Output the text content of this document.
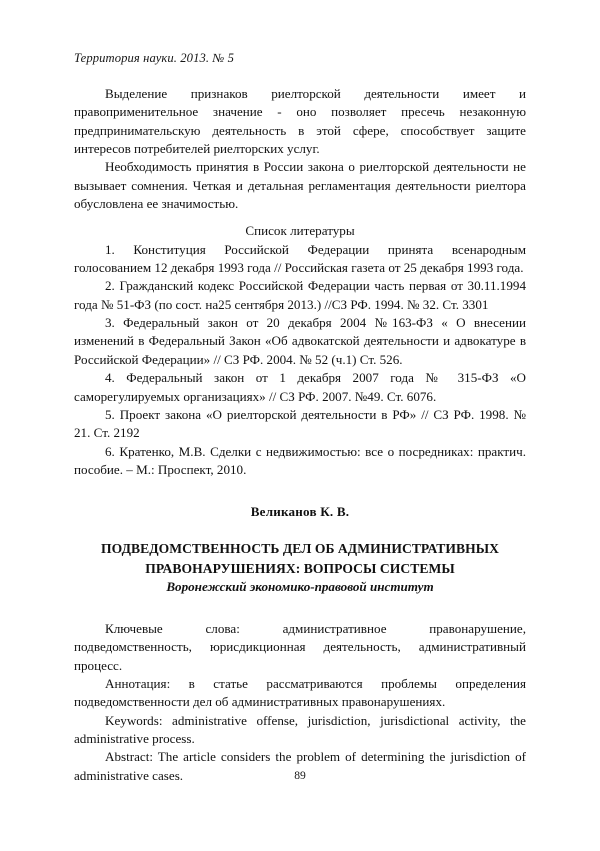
Территория науки. 2013. № 5

Выделение признаков риелторской деятельности имеет и правоприменительное значение - оно позволяет пресечь незаконную предпринимательскую деятельность в этой сфере, способствует защите интересов потребителей риелторских услуг.

Необходимость принятия в России закона о риелторской деятельности не вызывает сомнения. Четкая и детальная регламентация деятельности риелтора обусловлена ее значимостью.

Список литературы

1. Конституция Российской Федерации принята всенародным голосованием 12 декабря 1993 года // Российская газета от 25 декабря 1993 года.

2. Гражданский кодекс Российской Федерации часть первая от 30.11.1994 года № 51-ФЗ (по сост. на25 сентября 2013.) //СЗ РФ. 1994. № 32. Ст. 3301

3. Федеральный закон от 20 декабря 2004 №163-ФЗ « О внесении изменений в Федеральный Закон «Об адвокатской деятельности и адвокатуре в Российской Федерации» // СЗ РФ. 2004. № 52 (ч.1) Ст. 526.

4. Федеральный закон от 1 декабря 2007 года № 315-ФЗ «О саморегулируемых организациях» // СЗ РФ. 2007. №49. Ст. 6076.

5. Проект закона «О риелторской деятельности в РФ» // СЗ РФ. 1998. № 21. Ст. 2192

6. Кратенко, М.В. Сделки с недвижимостью: все о посредниках: практич. пособие. – М.: Проспект, 2010.

Великанов К. В.

ПОДВЕДОМСТВЕННОСТЬ ДЕЛ ОБ АДМИНИСТРАТИВНЫХ

ПРАВОНАРУШЕНИЯХ: ВОПРОСЫ СИСТЕМЫ

Воронежский экономико-правовой институт

Ключевые слова: административное правонарушение, подведомственность, юрисдикционная деятельность, административный процесс.

Аннотация: в статье рассматриваются проблемы определения подведомственности дел об административных правонарушениях.

Keywords: administrative offense, jurisdiction, jurisdictional activity, the administrative process.

Abstract: The article considers the problem of determining the jurisdiction of administrative cases.	89
